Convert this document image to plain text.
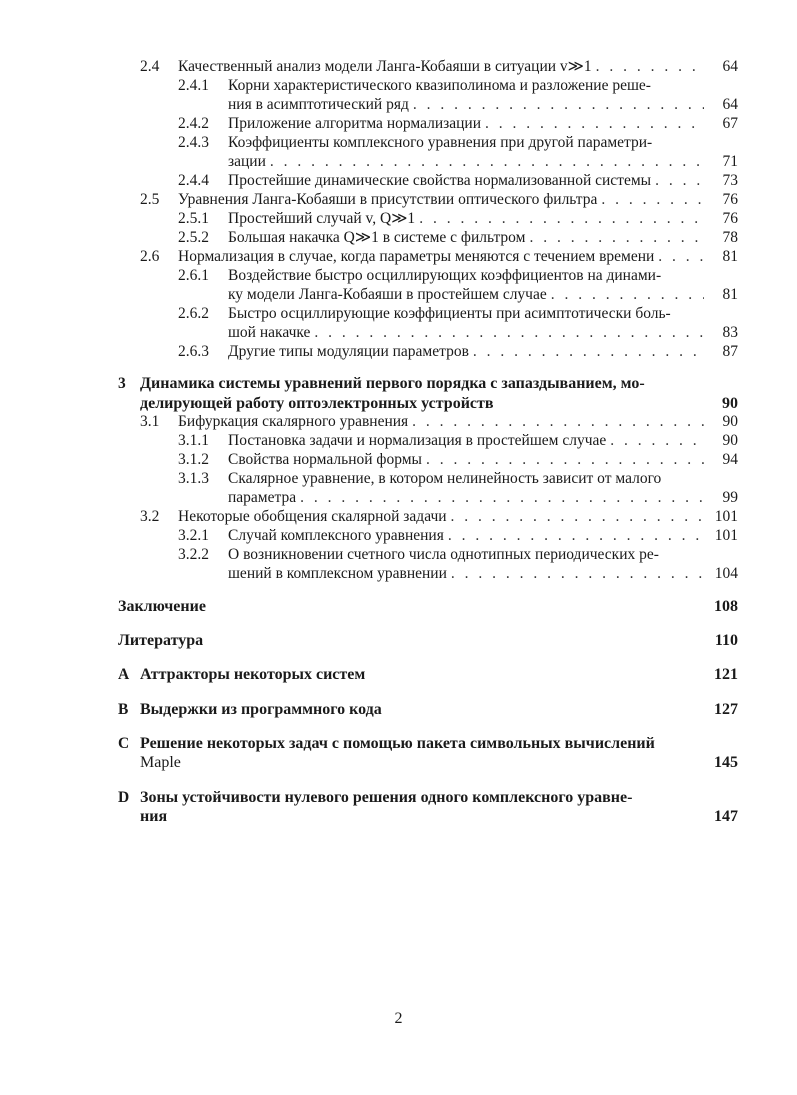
2.4 Качественный анализ модели Ланга-Кобаяши в ситуации v≫1 . . .	64
2.4.1 Корни характеристического квазиполинома и разложение реше-
ния в асимптотический ряд . . .	64
2.4.2 Приложение алгоритма нормализации . . .	67
2.4.3 Коэффициенты комплексного уравнения при другой параметри-
зации . . .	71
2.4.4 Простейшие динамические свойства нормализованной системы . . .	73
2.5 Уравнения Ланга-Кобаяши в присутствии оптического фильтра . . .	76
2.5.1 Простейший случай v, Q≫1 . . .	76
2.5.2 Большая накачка Q≫1 в системе с фильтром . . .	78
2.6 Нормализация в случае, когда параметры меняются с течением времени . . .	81
2.6.1 Воздействие быстро осциллирующих коэффициентов на динами-
ку модели Ланга-Кобаяши в простейшем случае . . .	81
2.6.2 Быстро осциллирующие коэффициенты при асимптотически боль-
шой накачке . . .	83
2.6.3 Другие типы модуляции параметров . . .	87
3 Динамика системы уравнений первого порядка с запаздыванием, мо-
делирующей работу оптоэлектронных устройств	90
3.1 Бифуркация скалярного уравнения . . .	90
3.1.1 Постановка задачи и нормализация в простейшем случае . . .	90
3.1.2 Свойства нормальной формы . . .	94
3.1.3 Скалярное уравнение, в котором нелинейность зависит от малого
параметра . . .	99
3.2 Некоторые обобщения скалярной задачи . . .	101
3.2.1 Случай комплексного уравнения . . .	101
3.2.2 О возникновении счетного числа однотипных периодических ре-
шений в комплексном уравнении . . .	104
Заключение	108
Литература	110
A Аттракторы некоторых систем	121
B Выдержки из программного кода	127
C Решение некоторых задач с помощью пакета символьных вычислений
Maple	145
D Зоны устойчивости нулевого решения одного комплексного уравне-
ния	147
2
